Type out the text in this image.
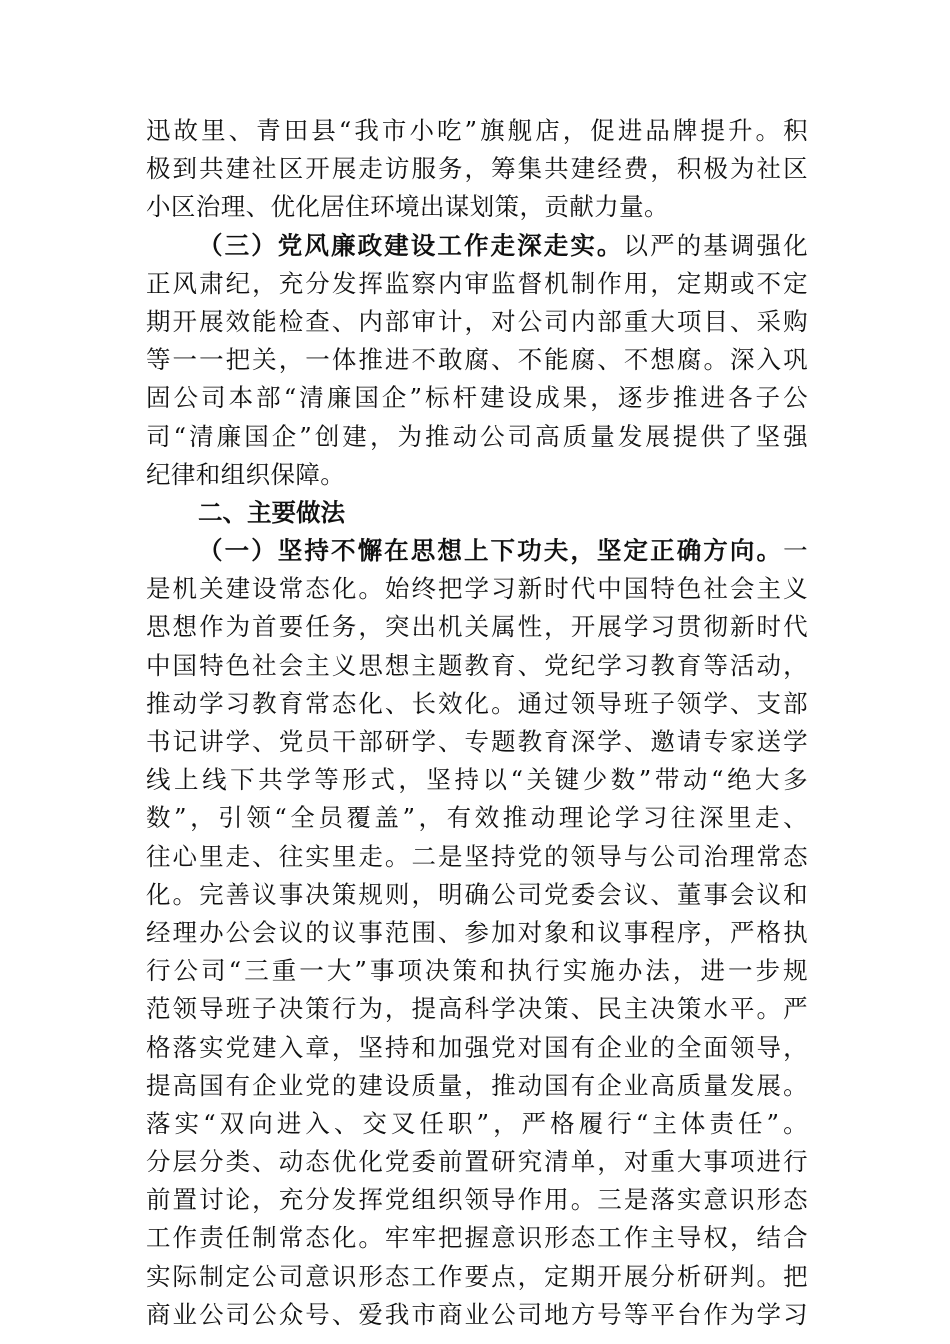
迅故里、青田县“我市小吃”旗舰店，促进品牌提升。积
极到共建社区开展走访服务，筹集共建经费，积极为社区
小区治理、优化居住环境出谋划策，贡献力量。
（三）党风廉政建设工作走深走实。以严的基调强化
正风肃纪，充分发挥监察内审监督机制作用，定期或不定
期开展效能检查、内部审计，对公司内部重大项目、采购
等一一把关，一体推进不敢腐、不能腐、不想腐。深入巩
固公司本部“清廉国企”标杆建设成果，逐步推进各子公
司“清廉国企”创建，为推动公司高质量发展提供了坚强
纪律和组织保障。
二、主要做法
（一）坚持不懈在思想上下功夫，坚定正确方向。一
是机关建设常态化。始终把学习新时代中国特色社会主义
思想作为首要任务，突出机关属性，开展学习贯彻新时代
中国特色社会主义思想主题教育、党纪学习教育等活动，
推动学习教育常态化、长效化。通过领导班子领学、支部
书记讲学、党员干部研学、专题教育深学、邀请专家送学
线上线下共学等形式，坚持以“关键少数”带动“绝大多
数”，引领“全员覆盖”，有效推动理论学习往深里走、
往心里走、往实里走。二是坚持党的领导与公司治理常态
化。完善议事决策规则，明确公司党委会议、董事会议和
经理办公会议的议事范围、参加对象和议事程序，严格执
行公司“三重一大”事项决策和执行实施办法，进一步规
范领导班子决策行为，提高科学决策、民主决策水平。严
格落实党建入章，坚持和加强党对国有企业的全面领导，
提高国有企业党的建设质量，推动国有企业高质量发展。
落实“双向进入、交叉任职”，严格履行“主体责任”。
分层分类、动态优化党委前置研究清单，对重大事项进行
前置讨论，充分发挥党组织领导作用。三是落实意识形态
工作责任制常态化。牢牢把握意识形态工作主导权，结合
实际制定公司意识形态工作要点，定期开展分析研判。把
商业公司公众号、爱我市商业公司地方号等平台作为学习
